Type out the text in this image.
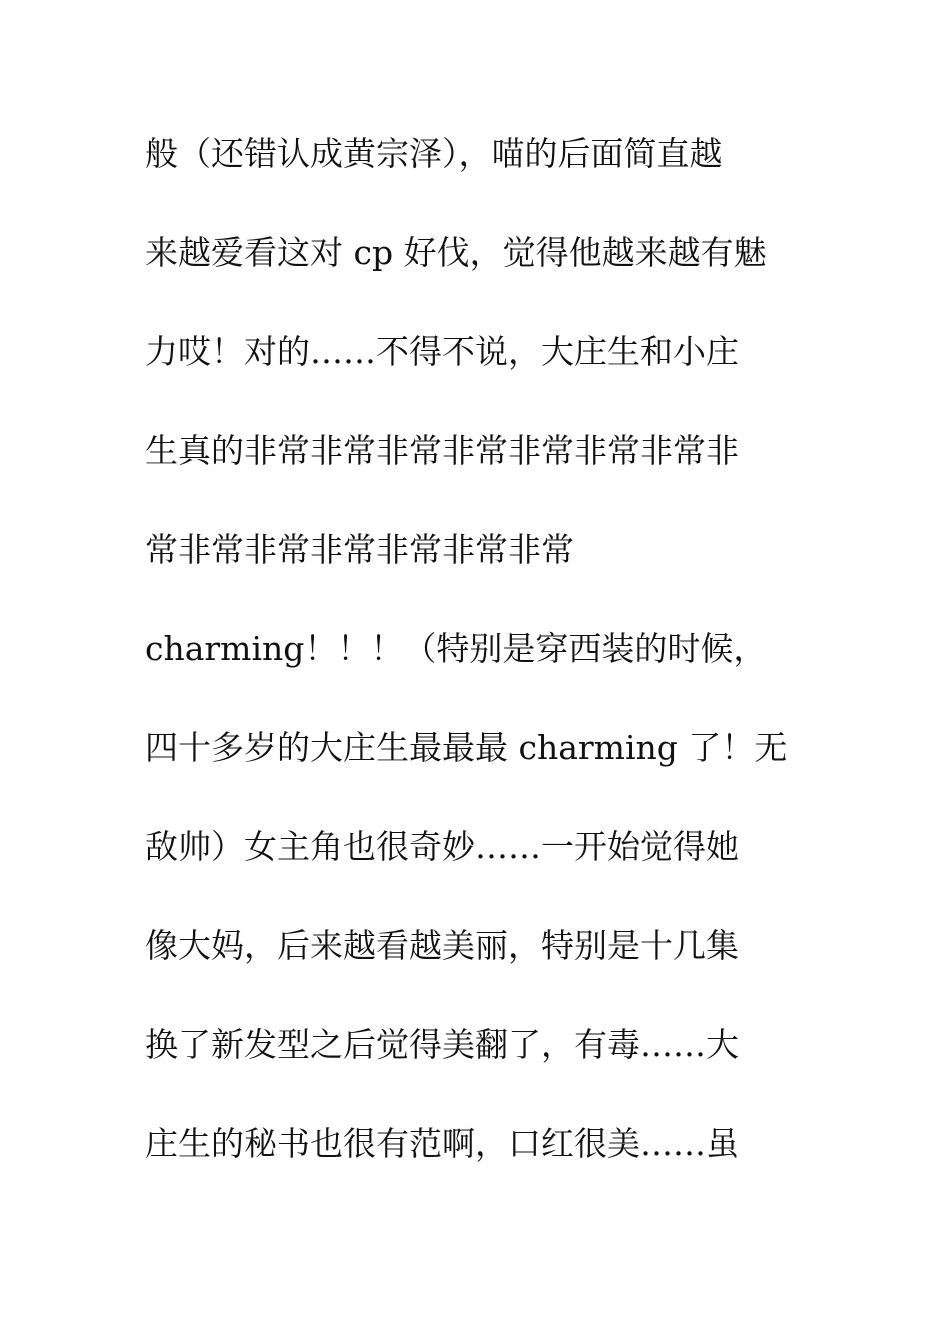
般（还错认成黄宗泽），喵的后面简直越
来越爱看这对 cp 好伐，觉得他越来越有魅
力哎！对的……不得不说，大庄生和小庄
生真的非常非常非常非常非常非常非常非
常非常非常非常非常非常非常
charming！！！（特别是穿西装的时候，
四十多岁的大庄生最最最 charming 了！无
敌帅）女主角也很奇妙……一开始觉得她
像大妈，后来越看越美丽，特别是十几集
换了新发型之后觉得美翻了，有毒……大
庄生的秘书也很有范啊，口红很美……虽
